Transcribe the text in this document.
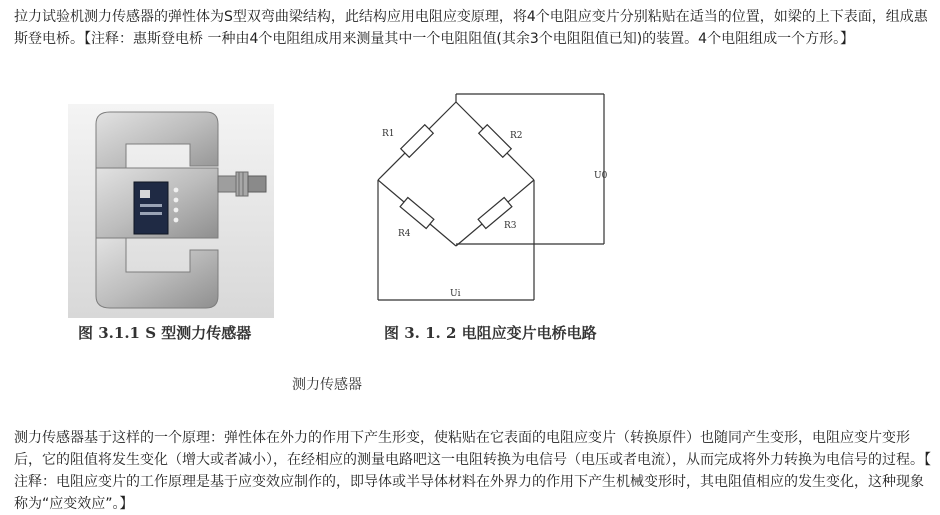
拉力试验机测力传感器的弹性体为S型双弯曲梁结构，此结构应用电阻应变原理，将4个电阻应变片分别粘贴在适当的位置，如梁的上下表面，组成惠斯登电桥。【注释：惠斯登电桥 一种由4个电阻组成用来测量其中一个电阻阻值(其余3个电阻阻值已知)的装置。4个电阻组成一个方形。】

图 3.1.1 S 型测力传感器
R1	R2
R3
R4
U0
Ui
图 3. 1. 2 电阻应变片电桥电路
测力传感器

测力传感器基于这样的一个原理：弹性体在外力的作用下产生形变，使粘贴在它表面的电阻应变片（转换原件）也随同产生变形，电阻应变片变形后，它的阻值将发生变化（增大或者减小），在经相应的测量电路吧这一电阻转换为电信号（电压或者电流），从而完成将外力转换为电信号的过程。【 注释：电阻应变片的工作原理是基于应变效应制作的，即导体或半导体材料在外界力的作用下产生机械变形时，其电阻值相应的发生变化，这种现象称为“应变效应”。】
